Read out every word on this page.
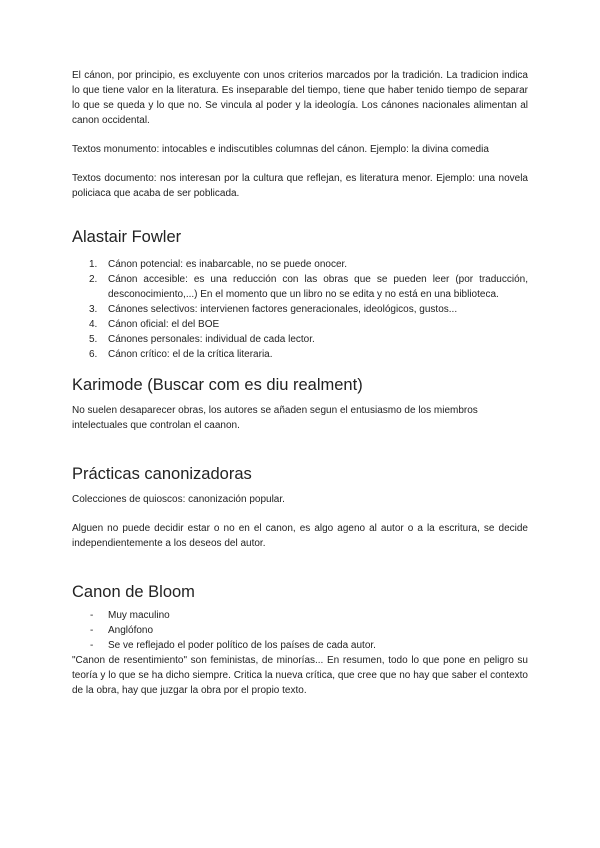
El cánon, por principio, es excluyente con unos criterios marcados por la tradición. La tradicion indica lo que tiene valor en la literatura. Es inseparable del tiempo, tiene que haber tenido tiempo de separar lo que se queda y lo que no. Se vincula al poder y la ideología. Los cánones nacionales alimentan al canon occidental.

Textos monumento: intocables e indiscutibles columnas del cánon. Ejemplo: la divina comedia

Textos documento: nos interesan por la cultura que reflejan, es literatura menor. Ejemplo: una novela policiaca que acaba de ser poblicada.

Alastair Fowler
1. Cánon potencial: es inabarcable, no se puede onocer.
2. Cánon accesible: es una reducción con las obras que se pueden leer (por traducción, desconocimiento,...) En el momento que un libro no se edita y no está en una biblioteca.
3. Cánones selectivos: intervienen factores generacionales, ideológicos, gustos...
4. Cánon oficial: el del BOE
5. Cánones personales: individual de cada lector.
6. Cánon crítico: el de la crítica literaria.
Karimode (Buscar com es diu realment)

No suelen desaparecer obras, los autores se añaden segun el entusiasmo de los miembros intelectuales que controlan el caanon.

Prácticas canonizadoras

Colecciones de quioscos: canonización popular.

Alguen no puede decidir estar o no en el canon, es algo ageno al autor o a la escritura, se decide independientemente a los deseos del autor.

Canon de Bloom
- Muy maculino
- Anglófono
- Se ve reflejado el poder político de los países de cada autor.

"Canon de resentimiento" son feministas, de minorías... En resumen, todo lo que pone en peligro su teoría y lo que se ha dicho siempre. Critica la nueva crítica, que cree que no hay que saber el contexto de la obra, hay que juzgar la obra por el propio texto.
